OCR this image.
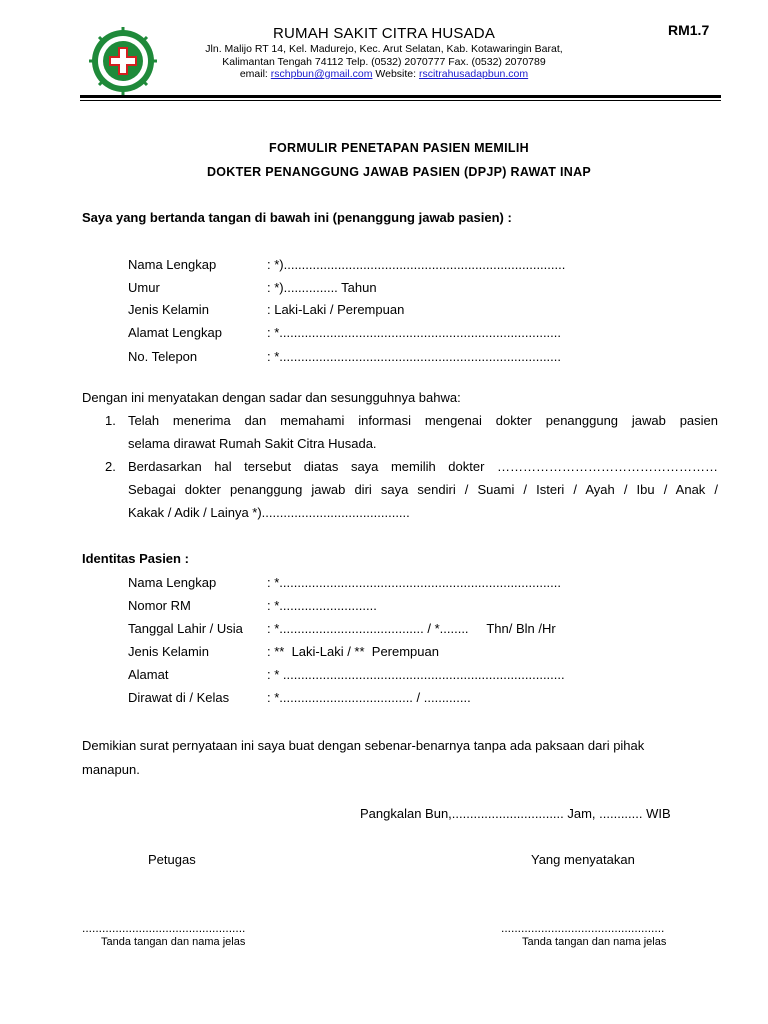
RUMAH SAKIT CITRA HUSADA
Jln. Malijo RT 14, Kel. Madurejo, Kec. Arut Selatan, Kab. Kotawaringin Barat,
Kalimantan Tengah 74112 Telp. (0532) 2070777 Fax. (0532) 2070789
email: rschpbun@gmail.com Website: rscitrahusadapbun.com
RM1.7
FORMULIR PENETAPAN PASIEN MEMILIH
DOKTER PENANGGUNG JAWAB PASIEN (DPJP) RAWAT INAP
Saya yang bertanda tangan di bawah ini (penanggung jawab pasien) :
Nama Lengkap	: *)..............................................................................
Umur	: *)............... Tahun
Jenis Kelamin	: Laki-Laki / Perempuan
Alamat Lengkap	: *..............................................................................
No. Telepon	: *..............................................................................
Dengan ini menyatakan dengan sadar dan sesungguhnya bahwa:
1. Telah menerima dan memahami informasi mengenai dokter penanggung jawab pasien
selama dirawat Rumah Sakit Citra Husada.
2. Berdasarkan hal tersebut diatas saya memilih dokter ……………………………………………
Sebagai dokter penanggung jawab diri saya sendiri / Suami / Isteri / Ayah / Ibu / Anak /
Kakak / Adik / Lainya *).........................................
Identitas Pasien :
Nama Lengkap	: *..............................................................................
Nomor RM	: *...........................
Tanggal Lahir / Usia : *........................................ / *........     Thn/ Bln /Hr
Jenis Kelamin	: **  Laki-Laki / **  Perempuan
Alamat	: * ..............................................................................
Dirawat di / Kelas	: *..................................... / .............
Demikian surat pernyataan ini saya buat dengan sebenar-benarnya tanpa ada paksaan dari pihak
manapun.
Pangkalan Bun,............................... Jam, ............ WIB
Petugas	Yang menyatakan
.................................................	.................................................
Tanda tangan dan nama jelas	Tanda tangan dan nama jelas
